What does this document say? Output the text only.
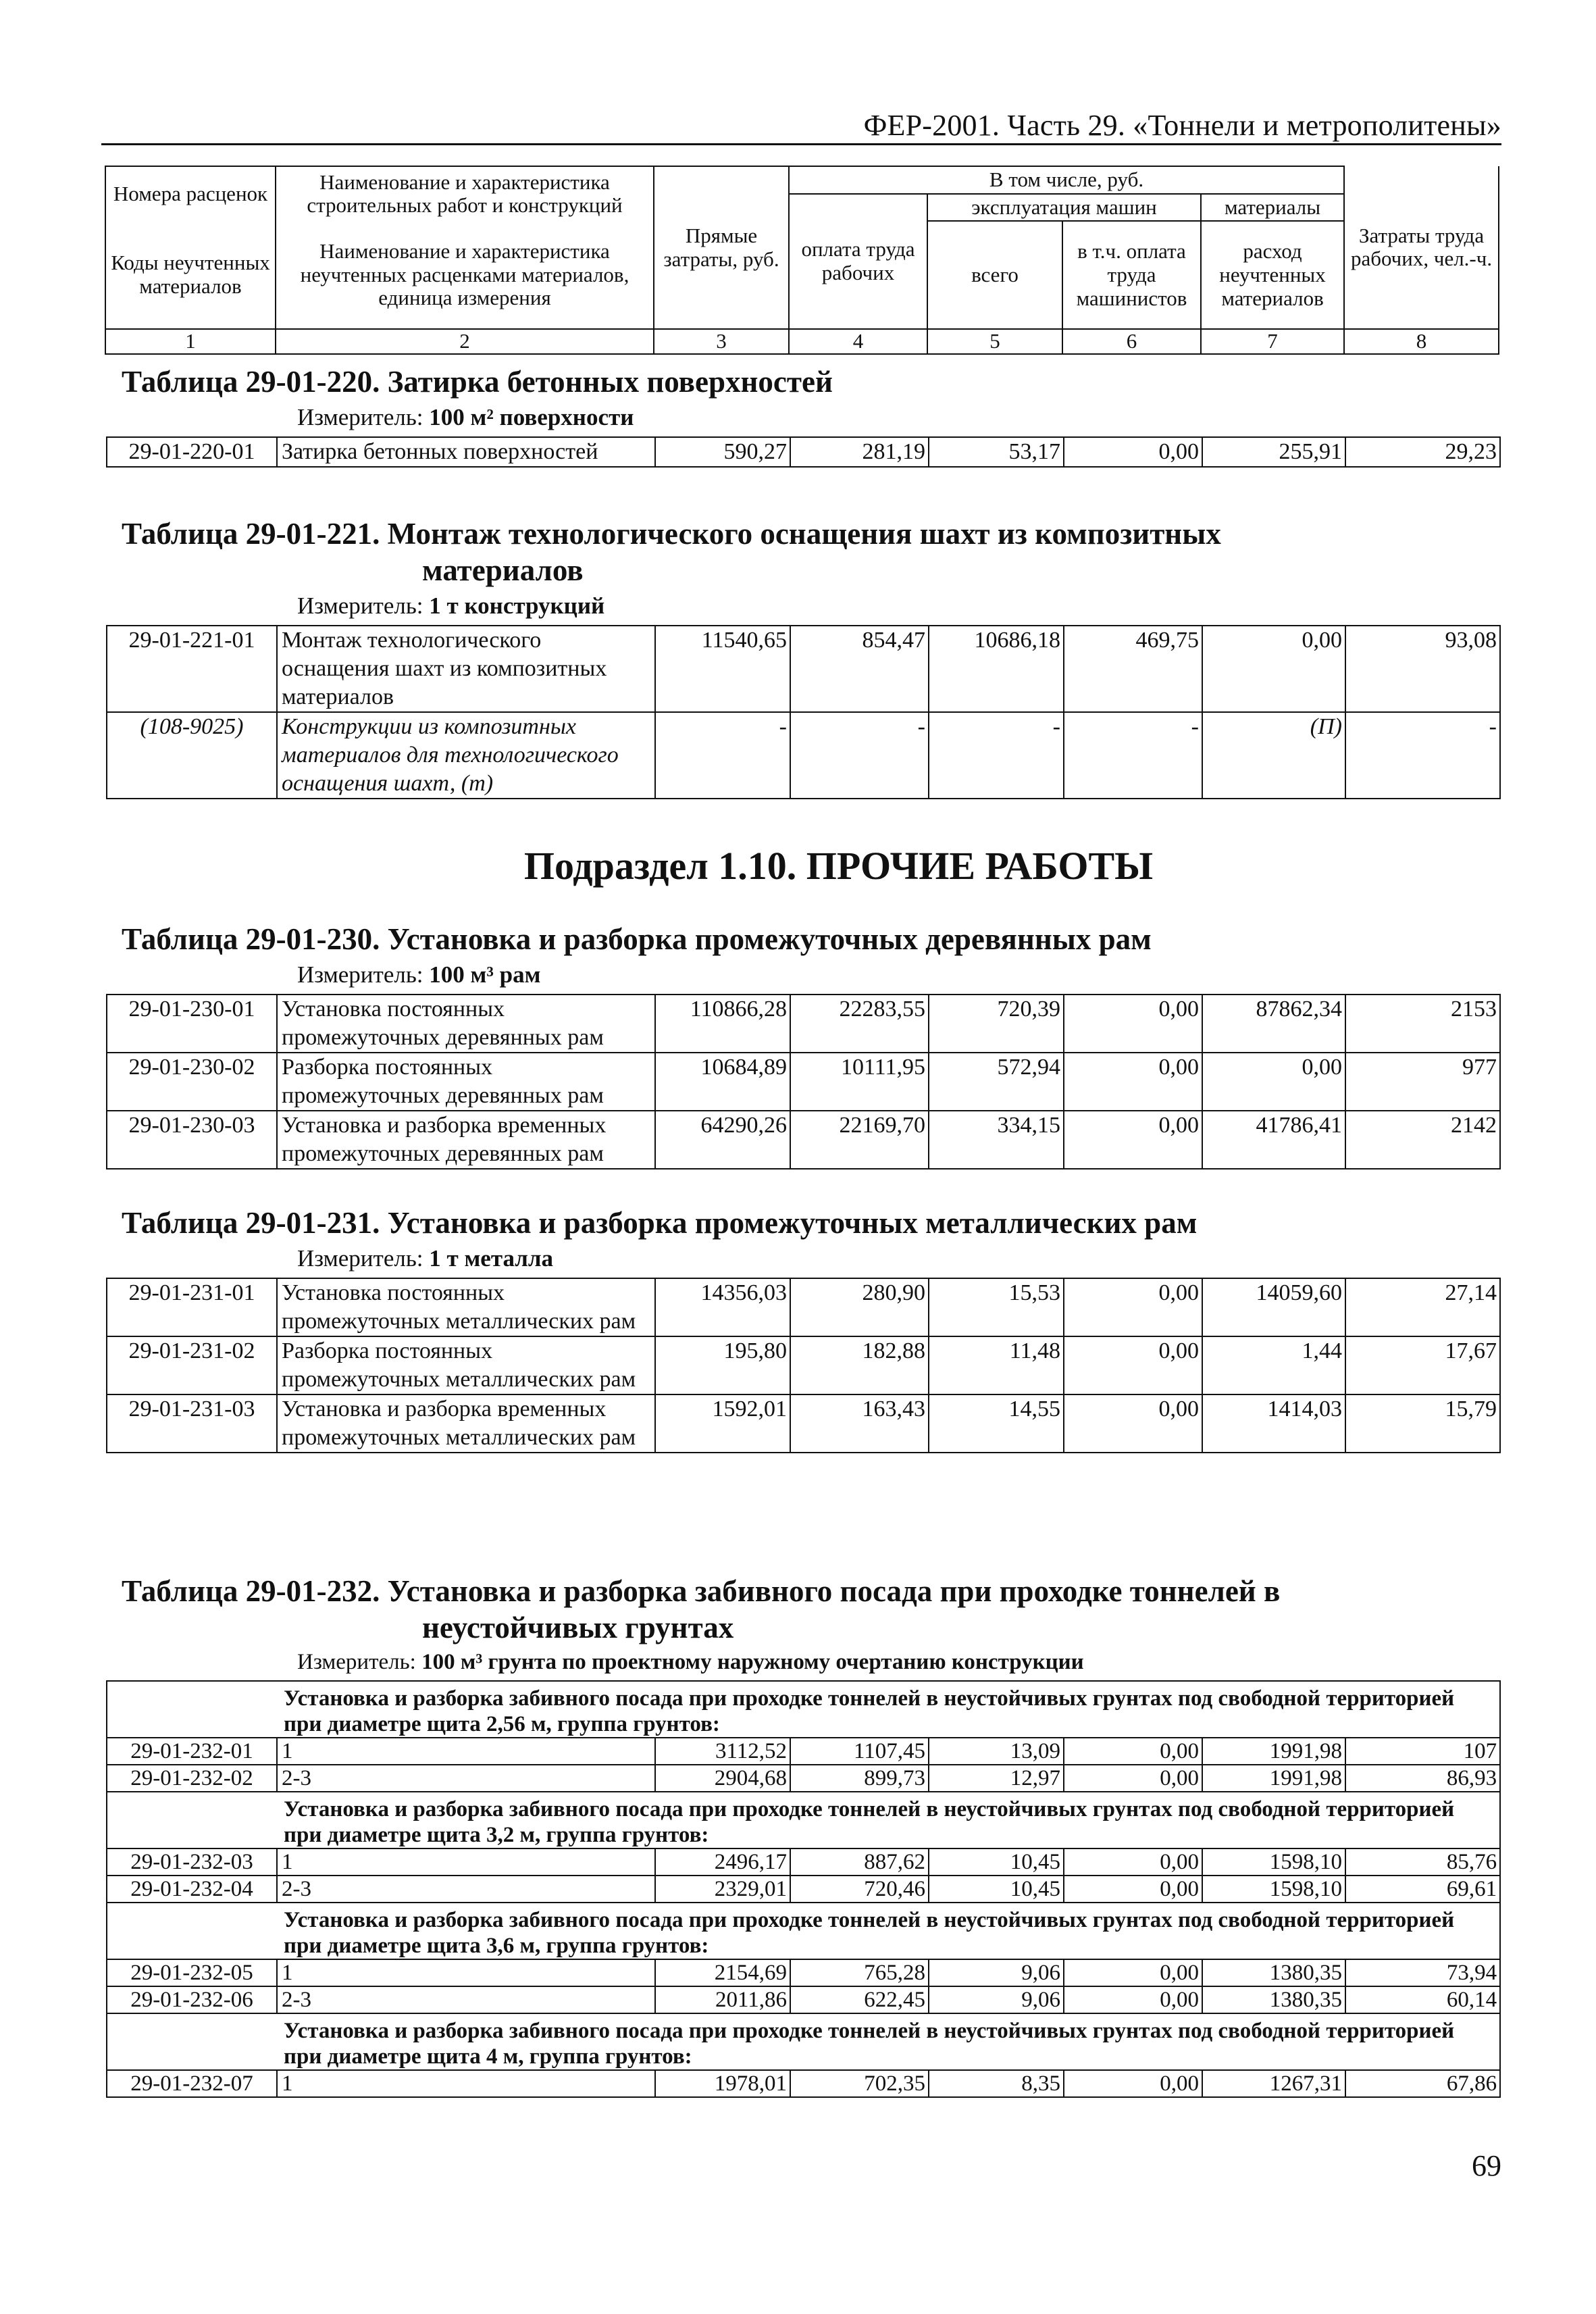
ФЕР-2001. Часть 29. «Тоннели и метрополитены»
Номера расценок	Наименование и характеристика строительных работ и конструкций	Прямые затраты, руб.	В том числе, руб.				Затраты труда рабочих, чел.-ч.
			оплата труда рабочих	эксплуатация машин		материалы	
Коды неучтенных материалов	Наименование и характеристика неучтенных расценками материалов, единица измерения			всего	в т.ч. оплата труда машинистов	расход неучтенных материалов	
1	2	3	4	5	6	7	8
Таблица 29-01-220. Затирка бетонных поверхностей
Измеритель: 100 м² поверхности
29-01-220-01	Затирка бетонных поверхностей	590,27	281,19	53,17	0,00	255,91	29,23
Таблица 29-01-221. Монтаж технологического оснащения шахт из композитных
материалов
Измеритель: 1 т конструкций
29-01-221-01	Монтаж технологического оснащения шахт из композитных материалов	11540,65	854,47	10686,18	469,75	0,00	93,08
(108-9025)	Конструкции из композитных материалов для технологического оснащения шахт, (т)	-	-	-	-	(П)	-
Подраздел 1.10. ПРОЧИЕ РАБОТЫ
Таблица 29-01-230. Установка и разборка промежуточных деревянных рам
Измеритель: 100 м³ рам
29-01-230-01	Установка постоянных промежуточных деревянных рам	110866,28	22283,55	720,39	0,00	87862,34	2153
29-01-230-02	Разборка постоянных промежуточных деревянных рам	10684,89	10111,95	572,94	0,00	0,00	977
29-01-230-03	Установка и разборка временных промежуточных деревянных рам	64290,26	22169,70	334,15	0,00	41786,41	2142
Таблица 29-01-231. Установка и разборка промежуточных металлических рам
Измеритель: 1 т металла
29-01-231-01	Установка постоянных промежуточных металлических рам	14356,03	280,90	15,53	0,00	14059,60	27,14
29-01-231-02	Разборка постоянных промежуточных металлических рам	195,80	182,88	11,48	0,00	1,44	17,67
29-01-231-03	Установка и разборка временных промежуточных металлических рам	1592,01	163,43	14,55	0,00	1414,03	15,79
Таблица 29-01-232. Установка и разборка забивного посада при проходке тоннелей в
неустойчивых грунтах
Измеритель: 100 м³ грунта по проектному наружному очертанию конструкции
	Установка и разборка забивного посада при проходке тоннелей в неустойчивых грунтах под свободной территорией при диаметре щита 2,56 м, группа грунтов:						
29-01-232-01	1	3112,52	1107,45	13,09	0,00	1991,98	107
29-01-232-02	2-3	2904,68	899,73	12,97	0,00	1991,98	86,93
	Установка и разборка забивного посада при проходке тоннелей в неустойчивых грунтах под свободной территорией при диаметре щита 3,2 м, группа грунтов:						
29-01-232-03	1	2496,17	887,62	10,45	0,00	1598,10	85,76
29-01-232-04	2-3	2329,01	720,46	10,45	0,00	1598,10	69,61
	Установка и разборка забивного посада при проходке тоннелей в неустойчивых грунтах под свободной территорией при диаметре щита 3,6 м, группа грунтов:						
29-01-232-05	1	2154,69	765,28	9,06	0,00	1380,35	73,94
29-01-232-06	2-3	2011,86	622,45	9,06	0,00	1380,35	60,14
	Установка и разборка забивного посада при проходке тоннелей в неустойчивых грунтах под свободной территорией при диаметре щита 4 м, группа грунтов:						
29-01-232-07	1	1978,01	702,35	8,35	0,00	1267,31	67,86
69
